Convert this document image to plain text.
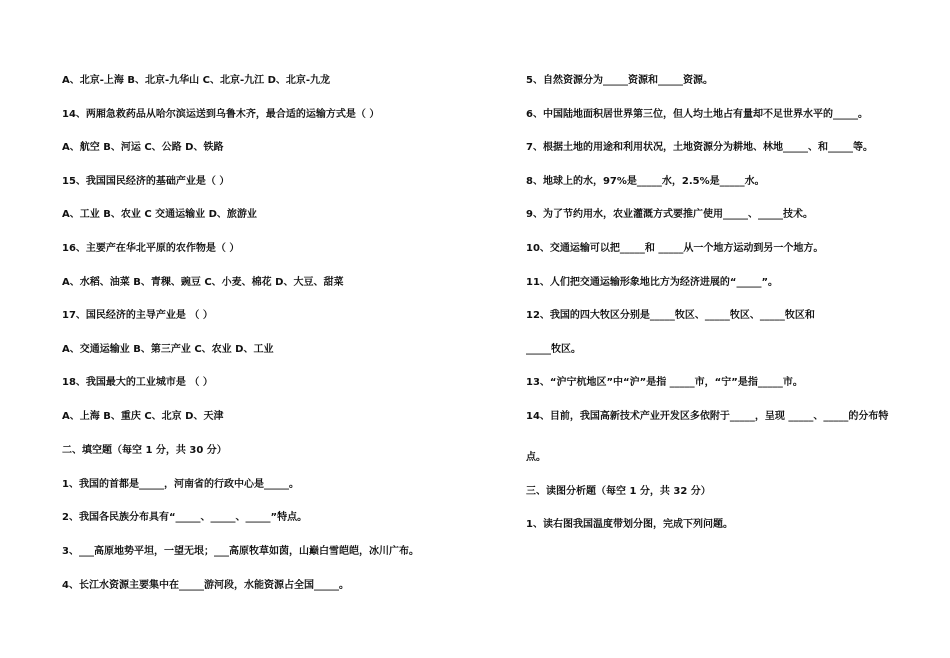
A、北京-上海 B、北京-九华山 C、北京-九江 D、北京-九龙
14、两厢急救药品从哈尔滨运送到乌鲁木齐，最合适的运输方式是（ ）
A、航空 B、河运 C、公路 D、铁路
15、我国国民经济的基础产业是（ ）
A、工业 B、农业 C 交通运输业 D、旅游业
16、主要产在华北平原的农作物是（ ）
A、水稻、油菜 B、青稞、豌豆 C、小麦、棉花 D、大豆、甜菜
17、国民经济的主导产业是 （ ）
A、交通运输业 B、第三产业 C、农业 D、工业
18、我国最大的工业城市是 （ ）
A、上海 B、重庆 C、北京 D、天津
二、填空题（每空 1 分，共 30 分）
1、我国的首都是_____，河南省的行政中心是_____。
2、我国各民族分布具有“_____、_____、_____”特点。
3、___高原地势平坦，一望无垠；___高原牧草如茵，山巅白雪皑皑，冰川广布。
4、长江水资源主要集中在_____游河段，水能资源占全国_____。
5、自然资源分为_____资源和_____资源。
6、中国陆地面积居世界第三位，但人均土地占有量却不足世界水平的_____。
7、根据土地的用途和利用状况，土地资源分为耕地、林地_____、和_____等。
8、地球上的水，97%是_____水，2.5%是_____水。
9、为了节约用水，农业灌溉方式要推广使用_____、_____技术。
10、交通运输可以把_____和 _____从一个地方运动到另一个地方。
11、人们把交通运输形象地比方为经济进展的“_____”。
12、我国的四大牧区分别是_____牧区、_____牧区、_____牧区和
_____牧区。
13、“沪宁杭地区”中“沪”是指 _____市，“宁”是指_____市。
14、目前，我国高新技术产业开发区多依附于_____，呈现 _____、_____的分布特
点。
三、读图分析题（每空 1 分，共 32 分）
1、读右图我国温度带划分图，完成下列问题。
